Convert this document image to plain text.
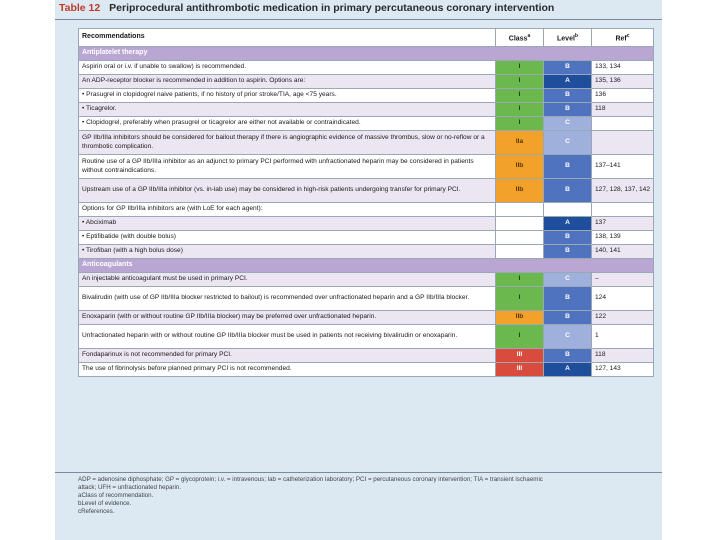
Table 12 Periprocedural antithrombotic medication in primary percutaneous coronary intervention
Recommendations	Class$^a$	Level$^b$	Ref$^c$
Antiplatelet therapy			
Aspirin oral or i.v. if unable to swallow) is recommended.	I	B	133, 134
An ADP-receptor blocker is recommended in addition to aspirin. Options are:	I	A	135, 136
• Prasugrel in clopidogrel naive patients, if no history of prior stroke/TIA, age <75 years.	I	B	136
• Ticagrelor.	I	B	118
• Clopidogrel, preferably when prasugrel or ticagrelor are either not available or contraindicated.	I	C	
GP IIb/IIIa inhibitors should be considered for bailout therapy if there is angiographic evidence of massive thrombus, slow or no-reflow or a thrombotic complication.	IIa	C	
Routine use of a GP IIb/IIIa inhibitor as an adjunct to primary PCI performed with unfractionated heparin may be considered in patients without contraindications.	IIb	B	137–141
Upstream use of a GP IIb/IIIa inhibitor (vs. in-lab use) may be considered in high-risk patients undergoing transfer for primary PCI.	IIb	B	127, 128, 137, 142
Options for GP IIb/IIIa inhibitors are (with LoE for each agent):			
• Abciximab		A	137
• Eptifibatide (with double bolus)		B	138, 139
• Tirofiban (with a high bolus dose)		B	140, 141
Anticoagulants			
An injectable anticoagulant must be used in primary PCI.	I	C	–
Bivalirudin (with use of GP IIb/IIIa blocker restricted to bailout) is recommended over unfractionated heparin and a GP IIb/IIIa blocker.	I	B	124
Enoxaparin (with or without routine GP IIb/IIIa blocker) may be preferred over unfractionated heparin.	IIb	B	122
Unfractionated heparin with or without routine GP IIb/IIIa blocker must be used in patients not receiving bivalirudin or enoxaparin.	I	C	1
Fondaparinux is not recommended for primary PCI.	III	B	118
The use of fibrinolysis before planned primary PCI is not recommended.	III	A	127, 143
ADP = adenosine diphosphate; GP = glycoprotein; i.v. = intravenous; lab = catheterization laboratory; PCI = percutaneous coronary intervention; TIA = transient ischaemic
attack; UFH = unfractionated heparin.
aClass of recommendation.
bLevel of evidence.
cReferences.
